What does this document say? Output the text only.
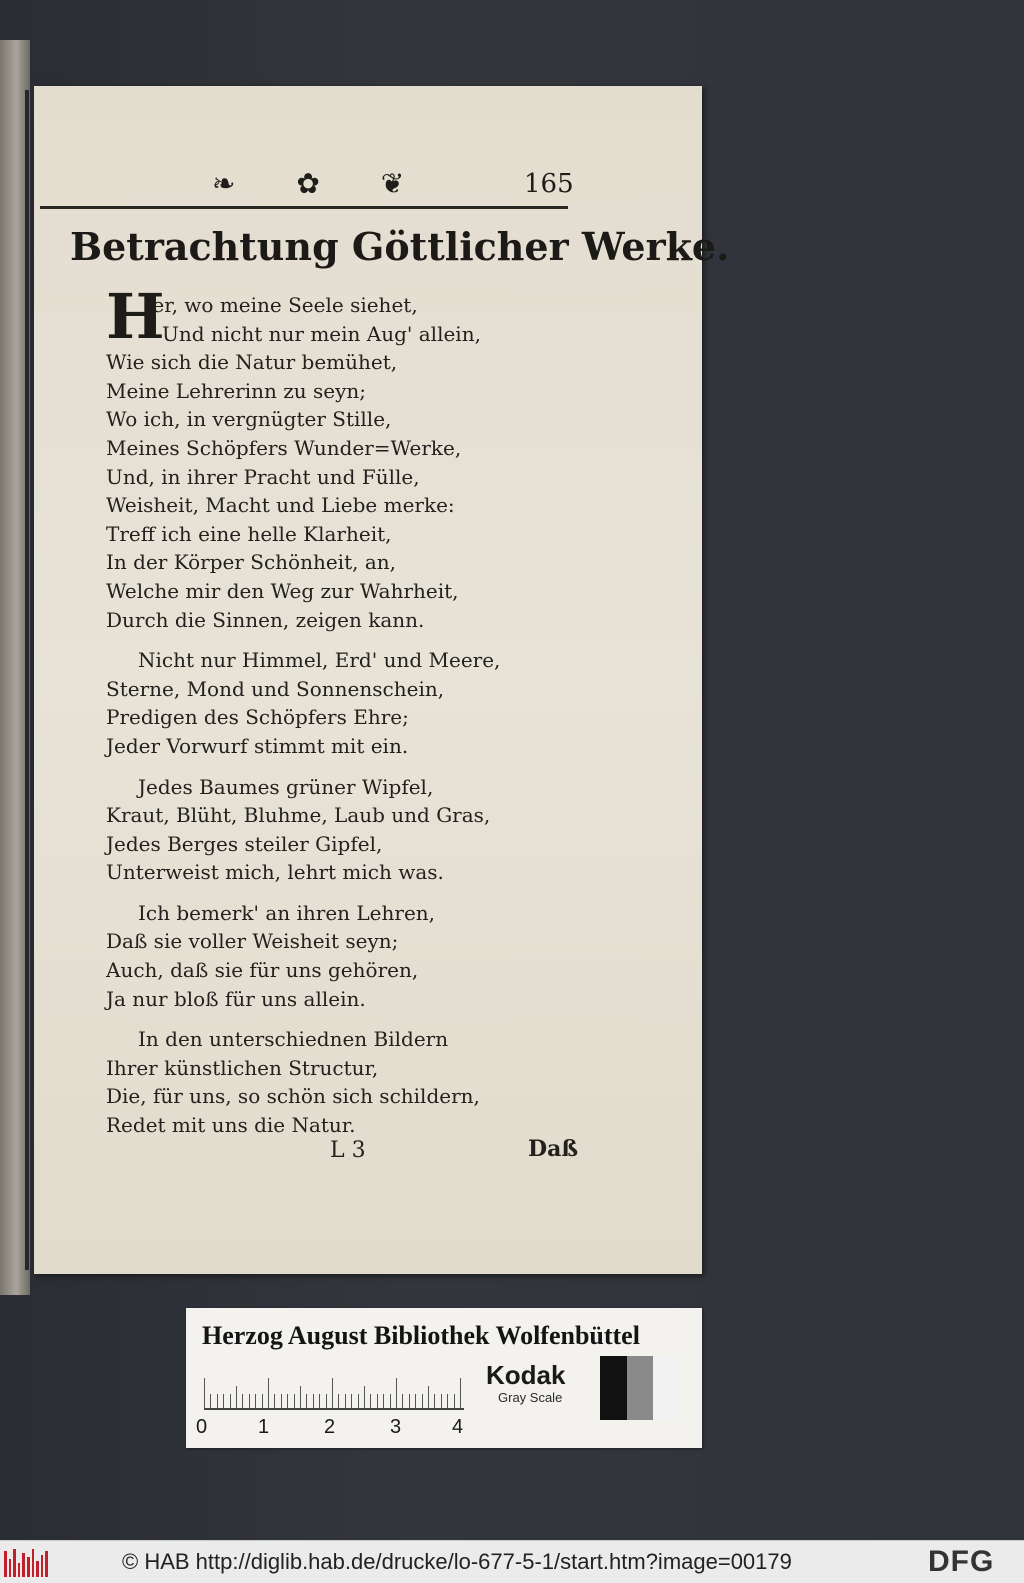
❧ ✿ ❦	165
Betrachtung Göttlicher Werke.
H
ier, wo meine Seele siehet,
Und nicht nur mein Aug' allein,
Wie sich die Natur bemühet,
Meine Lehrerinn zu seyn;
Wo ich, in vergnügter Stille,
Meines Schöpfers Wunder=Werke,
Und, in ihrer Pracht und Fülle,
Weisheit, Macht und Liebe merke:
Treff ich eine helle Klarheit,
In der Körper Schönheit, an,
Welche mir den Weg zur Wahrheit,
Durch die Sinnen, zeigen kann.
Nicht nur Himmel, Erd' und Meere,
Sterne, Mond und Sonnenschein,
Predigen des Schöpfers Ehre;
Jeder Vorwurf stimmt mit ein.
Jedes Baumes grüner Wipfel,
Kraut, Blüht, Bluhme, Laub und Gras,
Jedes Berges steiler Gipfel,
Unterweist mich, lehrt mich was.
Ich bemerk' an ihren Lehren,
Daß sie voller Weisheit seyn;
Auch, daß sie für uns gehören,
Ja nur bloß für uns allein.
In den unterschiednen Bildern
Ihrer künstlichen Structur,
Die, für uns, so schön sich schildern,
Redet mit uns die Natur.
L 3	Daß
Herzog August Bibliothek Wolfenbüttel
0	1	2	3	4
Kodak
Gray Scale
© HAB http://diglib.hab.de/drucke/lo-677-5-1/start.htm?image=00179	DFG
